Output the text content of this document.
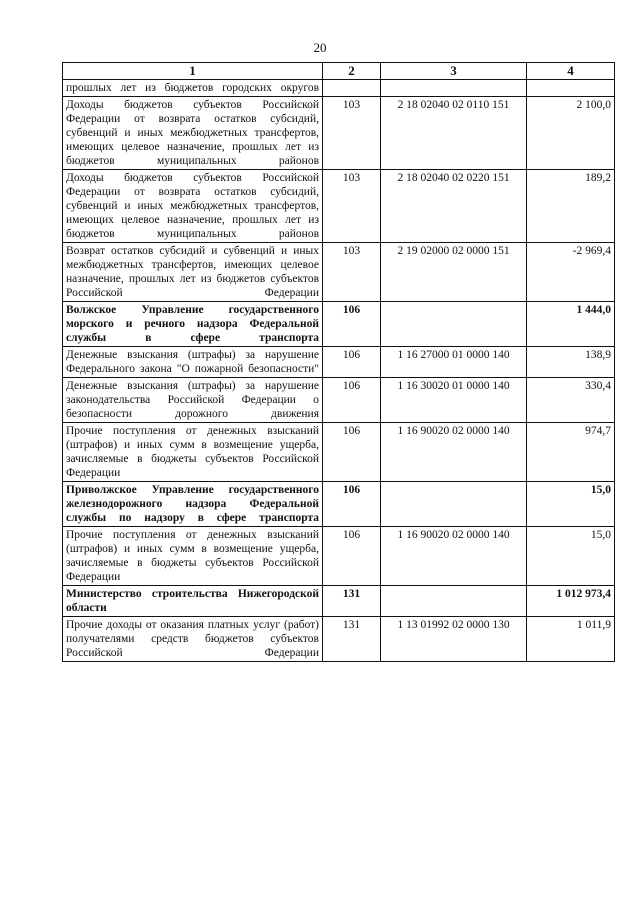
20
1	2	3	4
прошлых лет из бюджетов городских округов			
Доходы бюджетов субъектов Российской Федерации от возврата остатков субсидий, субвенций и иных межбюджетных трансфертов, имеющих целевое назначение, прошлых лет из бюджетов муниципальных районов	103	2 18 02040 02 0110 151	2 100,0
Доходы бюджетов субъектов Российской Федерации от возврата остатков субсидий, субвенций и иных межбюджетных трансфертов, имеющих целевое назначение, прошлых лет из бюджетов муниципальных районов	103	2 18 02040 02 0220 151	189,2
Возврат остатков субсидий и субвенций и иных межбюджетных трансфертов, имеющих целевое назначение, прошлых лет из бюджетов субъектов Российской Федерации	103	2 19 02000 02 0000 151	-2 969,4
Волжское Управление государственного морского и речного надзора Федеральной службы в сфере транспорта	106		1 444,0
Денежные взыскания (штрафы) за нарушение Федерального закона "О пожарной безопасности"	106	1 16 27000 01 0000 140	138,9
Денежные взыскания (штрафы) за нарушение законодательства Российской Федерации о безопасности дорожного движения	106	1 16 30020 01 0000 140	330,4
Прочие поступления от денежных взысканий (штрафов) и иных сумм в возмещение ущерба, зачисляемые в бюджеты субъектов Российской Федерации	106	1 16 90020 02 0000 140	974,7
Приволжское Управление государственного железнодорожного надзора Федеральной службы по надзору в сфере транспорта	106		15,0
Прочие поступления от денежных взысканий (штрафов) и иных сумм в возмещение ущерба, зачисляемые в бюджеты субъектов Российской Федерации	106	1 16 90020 02 0000 140	15,0
Министерство строительства Нижегородской области	131		1 012 973,4
Прочие доходы от оказания платных услуг (работ) получателями средств бюджетов субъектов Российской Федерации	131	1 13 01992 02 0000 130	1 011,9
